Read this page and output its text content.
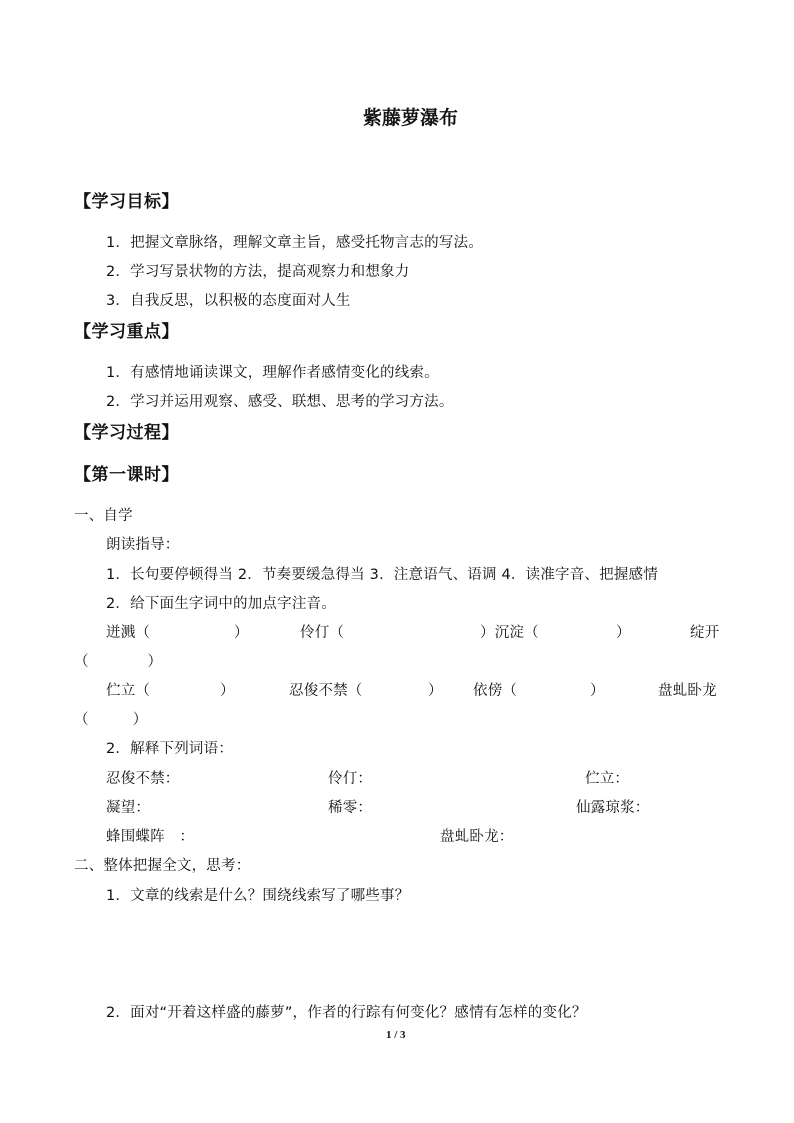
紫藤萝瀑布
【学习目标】
1．把握文章脉络，理解文章主旨，感受托物言志的写法。
2．学习写景状物的方法，提高观察力和想象力
3．自我反思，以积极的态度面对人生
【学习重点】
1．有感情地诵读课文，理解作者感情变化的线索。
2．学习并运用观察、感受、联想、思考的学习方法。
【学习过程】
【第一课时】
一、自学
朗读指导：
1．长句要停顿得当 2．节奏要缓急得当 3．注意语气、语调 4．读准字音、把握感情
2．给下面生字词中的加点字注音。
迸溅（	）	伶仃（	）沉淀（	）	绽开
（　　　　）
伫立（	）	忍俊不禁（	） 依傍（	）	盘虬卧龙
（　　　）
2．解释下列词语：
忍俊不禁：	伶仃：	伫立：
凝望：	稀零：	仙露琼浆：
蜂围蝶阵　：	盘虬卧龙：
二、整体把握全文，思考：
1．文章的线索是什么？围绕线索写了哪些事？
2．面对“开着这样盛的藤萝”，作者的行踪有何变化？感情有怎样的变化？
1 / 3
